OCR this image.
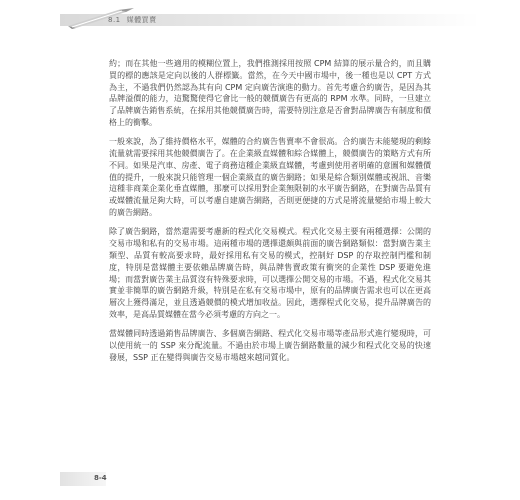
8.1 媒體買賣

約；而在其他一些適用的模糊位置上，我們推測採用按照 CPM 結算的展示量合約，而且購買的標的應該是定向以後的人群標籤。當然，在今天中國市場中，後一種也是以 CPT 方式為主，不過我們仍然認為其有向 CPM 定向廣告演進的動力。首先考慮合約廣告，是因為其品牌溢價的能力，這驚驚使得它會比一般的競價廣告有更高的 RPM 水準。同時，一旦建立了品牌廣告銷售系統，在採用其他競價廣告時，需要特別注意是否會對品牌廣告有制度和價格上的衝擊。

一般來說，為了維持價格水平，媒體的合約廣告售賣率不會很高。合約廣告未能變現的剩餘流量就需要採用其他競價廣告了。在企業級直媒體和綜合媒體上，競價廣告的策略方式有所不同。如果是汽車、房產、電子商務這種企業級直媒體，考慮到使用者明確的意圖和媒體價值的提升，一般來說只能管理一個企業級直的廣告網路；如果是綜合類別媒體或視訊、音樂這種非商業企業化垂直媒體，那麼可以採用對企業無限制的水平廣告網路，在對廣告品質有或媒體流量足夠大時，可以考慮自建廣告網路，否則更便捷的方式是將流量變給市場上較大的廣告網路。

除了廣告網路，當然還需要考慮新的程式化交易模式。程式化交易主要有兩種選擇：公開的交易市場和私有的交易市場。這兩種市場的選擇還頗與前面的廣告網路類似：當對廣告業主類型、品質有較高要求時，最好採用私有交易的模式，控制好 DSP 的存取控制門檻和制度，特別是當媒體主要依賴品牌廣告時，與品牌售賣政策有衝突的企業性 DSP 要避免進場；而當對廣告業主品質沒有特殊要求時，可以選擇公開交易的市場。不過，程式化交易其實並非簡單的廣告網路升級，特別是在私有交易市場中，原有的品牌廣告需求也可以在更高層次上獲得滿足，並且透過競價的模式增加收益。因此，選擇程式化交易，提升品牌廣告的效率，是高品質媒體在當今必須考慮的方向之一。

當媒體同時透過銷售品牌廣告、多個廣告網路、程式化交易市場等產品形式進行變現時，可以使用統一的 SSP 來分配流量。不過由於市場上廣告網路數量的減少和程式化交易的快速發展，SSP 正在變得與廣告交易市場越來越同質化。

8-4
